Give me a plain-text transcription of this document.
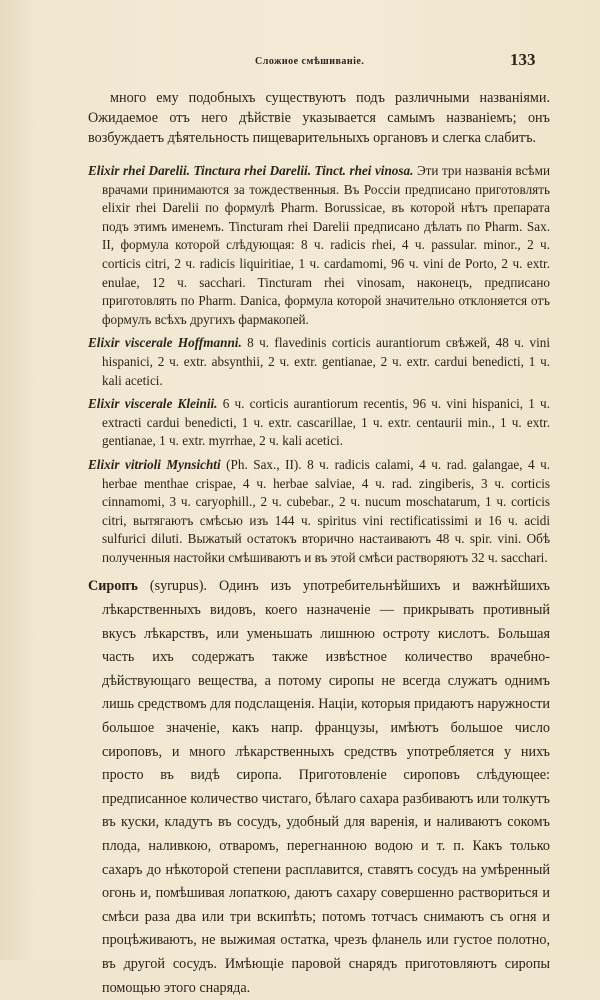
Сложное смѣшиваніе.	133

много ему подобныхъ существуютъ подъ различными названіями. Ожидаемое отъ него дѣйствіе указывается самымъ названіемъ; онъ возбуждаетъ дѣятельность пищеварительныхъ органовъ и слегка слабитъ.

Elixir rhei Darelii. Tinctura rhei Darelii. Tinct. rhei vinosa. Эти три названія всѣми врачами принимаются за тождественныя. Въ Россіи предписано приготовлять elixir rhei Darelii по формулѣ Pharm. Borussicae, въ которой нѣтъ препарата подъ этимъ именемъ. Tincturam rhei Darelii предписано дѣлать по Pharm. Sax. II, формула которой слѣдующая: 8 ч. radicis rhei, 4 ч. passular. minor., 2 ч. corticis citri, 2 ч. radicis liquiritiae, 1 ч. cardamomi, 96 ч. vini de Porto, 2 ч. extr. enulae, 12 ч. sacchari. Tincturam rhei vinosam, наконецъ, предписано приготовлять по Pharm. Danica, формула которой значительно отклоняется отъ формулъ всѣхъ другихъ фармакопей.

Elixir viscerale Hoffmanni. 8 ч. flavedinis corticis aurantiorum свѣжей, 48 ч. vini hispanici, 2 ч. extr. absynthii, 2 ч. extr. gentianae, 2 ч. extr. cardui benedicti, 1 ч. kali acetici.

Elixir viscerale Kleinii. 6 ч. corticis aurantiorum recentis, 96 ч. vini hispanici, 1 ч. extracti cardui benedicti, 1 ч. extr. cascarillae, 1 ч. extr. centaurii min., 1 ч. extr. gentianae, 1 ч. extr. myrrhae, 2 ч. kali acetici.

Elixir vitrioli Mynsichti (Ph. Sax., II). 8 ч. radicis calami, 4 ч. rad. galangae, 4 ч. herbae menthae crispae, 4 ч. herbae salviae, 4 ч. rad. zingiberis, 3 ч. corticis cinnamomi, 3 ч. caryophill., 2 ч. cubebar., 2 ч. nucum moschatarum, 1 ч. corticis citri, вытягаютъ смѣсью изъ 144 ч. spiritus vini rectificatissimi и 16 ч. acidi sulfurici diluti. Выжатый остатокъ вторично настаиваютъ 48 ч. spir. vini. Обѣ полученныя настойки смѣшиваютъ и въ этой смѣси растворяютъ 32 ч. sacchari.

Сиропъ (syrupus). Одинъ изъ употребительнѣйшихъ и важнѣйшихъ лѣкарственныхъ видовъ, коего назначеніе — прикрывать противный вкусъ лѣкарствъ, или уменьшать лишнюю остроту кислотъ. Большая часть ихъ содержатъ также извѣстное количество врачебно-дѣйствующаго вещества, а потому сиропы не всегда служатъ однимъ лишь средствомъ для подслащенія. Націи, которыя придаютъ наружности большое значеніе, какъ напр. французы, имѣютъ большое число сироповъ, и много лѣкарственныхъ средствъ употребляется у нихъ просто въ видѣ сиропа. Приготовленіе сироповъ слѣдующее: предписанное количество чистаго, бѣлаго сахара разбиваютъ или толкутъ въ куски, кладутъ въ сосудъ, удобный для варенія, и наливаютъ сокомъ плода, наливкою, отваромъ, перегнанною водою и т. п. Какъ только сахаръ до нѣкоторой степени расплавится, ставятъ сосудъ на умѣренный огонь и, помѣшивая лопаткою, даютъ сахару совершенно раствориться и смѣси раза два или три вскипѣть; потомъ тотчасъ снимаютъ съ огня и процѣживаютъ, не выжимая остатка, чрезъ фланель или густое полотно, въ другой сосудъ. Имѣющіе паровой снарядъ приготовляютъ сиропы помощью этого снаряда.
